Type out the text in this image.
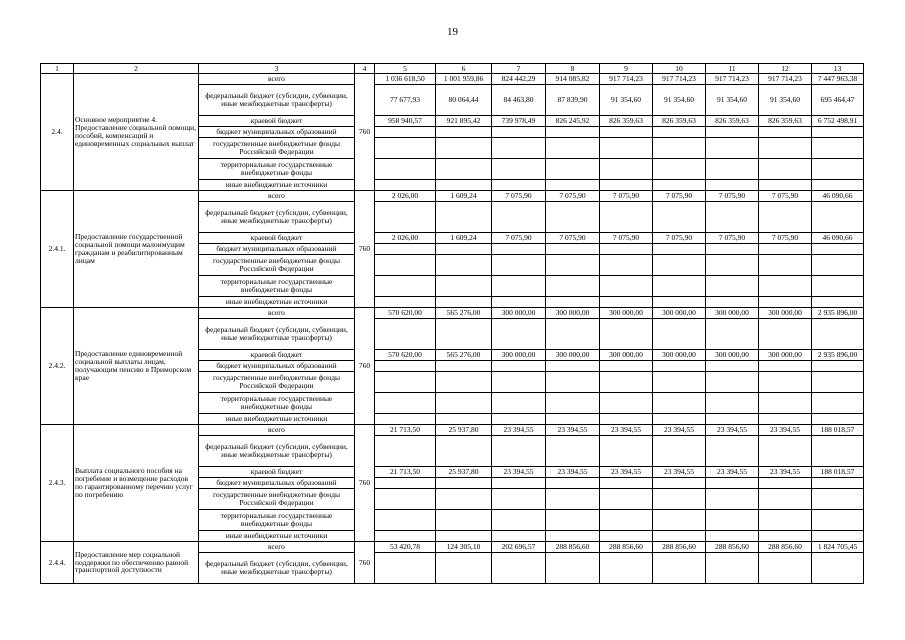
19
1	2	3	4	5	6	7	8	9	10	11	12	13
2.4.	Основное мероприятие 4. Предоставление социальной помощи, пособий, компенсаций и единовременных социальных выплат	всего	760	1 036 618,50	1 001 959,86	824 442,29	914 085,82	917 714,23	917 714,23	917 714,23	917 714,23	7 447 963,38
		федеральный бюджет (субсидии, субвенции, иные межбюджетные трансферты)		77 677,93	80 064,44	84 463,80	87 839,90	91 354,60	91 354,60	91 354,60	91 354,60	695 464,47
		краевой бюджет		958 940,57	921 895,42	739 978,49	826 245,92	826 359,63	826 359,63	826 359,63	826 359,63	6 752 498,91
		бюджет муниципальных образований										
		государственные внебюджетные фонды Российской Федерации										
		территориальные государственные внебюджетные фонды										
		иные внебюджетные источники										
2.4.1.	Предоставление государственной социальной помощи малоимущим гражданам и реабилитированным лицам	всего	760	2 026,00	1 609,24	7 075,90	7 075,90	7 075,90	7 075,90	7 075,90	7 075,90	46 090,66
		федеральный бюджет (субсидии, субвенции, иные межбюджетные трансферты)										
		краевой бюджет		2 026,00	1 609,24	7 075,90	7 075,90	7 075,90	7 075,90	7 075,90	7 075,90	46 090,66
		бюджет муниципальных образований										
		государственные внебюджетные фонды Российской Федерации										
		территориальные государственные внебюджетные фонды										
		иные внебюджетные источники										
2.4.2.	Предоставление единовременной социальной выплаты лицам, получающим пенсию в Приморском крае	всего	760	570 620,00	565 276,00	300 000,00	300 000,00	300 000,00	300 000,00	300 000,00	300 000,00	2 935 896,00
		федеральный бюджет (субсидии, субвенции, иные межбюджетные трансферты)										
		краевой бюджет		570 620,00	565 276,00	300 000,00	300 000,00	300 000,00	300 000,00	300 000,00	300 000,00	2 935 896,00
		бюджет муниципальных образований										
		государственные внебюджетные фонды Российской Федерации										
		территориальные государственные внебюджетные фонды										
		иные внебюджетные источники										
2.4.3.	Выплата социального пособия на погребение и возмещение расходов по гарантированному перечню услуг по погребению	всего	760	21 713,50	25 937,80	23 394,55	23 394,55	23 394,55	23 394,55	23 394,55	23 394,55	188 018,57
		федеральный бюджет (субсидии, субвенции, иные межбюджетные трансферты)										
		краевой бюджет		21 713,50	25 937,80	23 394,55	23 394,55	23 394,55	23 394,55	23 394,55	23 394,55	188 018,57
		бюджет муниципальных образований										
		государственные внебюджетные фонды Российской Федерации										
		территориальные государственные внебюджетные фонды										
		иные внебюджетные источники										
2.4.4.	Предоставление мер социальной поддержки по обеспечению равной транспортной доступности	всего	760	53 420,78	124 305,10	202 696,57	288 856,60	288 856,60	288 856,60	288 856,60	288 856,60	1 824 705,45
		федеральный бюджет (субсидии, субвенции, иные межбюджетные трансферты)										
